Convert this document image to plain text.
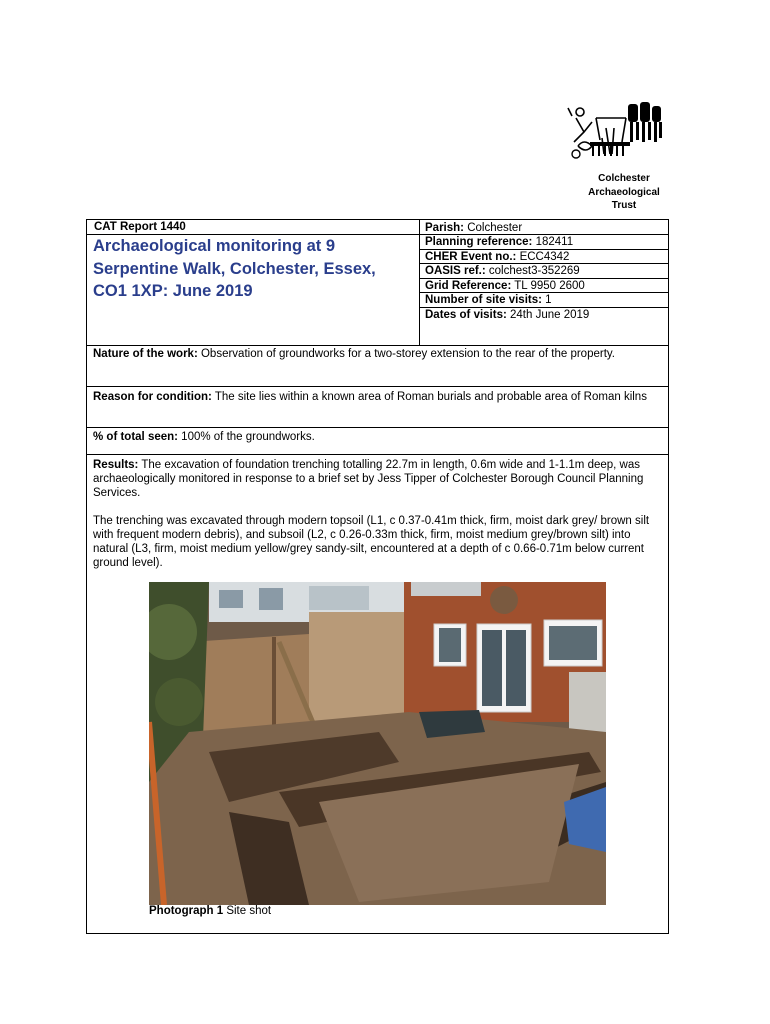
Colchester
Archaeological
Trust
CAT Report 1440
Archaeological monitoring at 9
Serpentine Walk, Colchester, Essex,
CO1 1XP: June 2019
Parish: Colchester
Planning reference: 182411
CHER Event no.: ECC4342
OASIS ref.: colchest3-352269
Grid Reference: TL 9950 2600
Number of site visits: 1
Dates of visits: 24th June 2019
Nature of the work: Observation of groundworks for a two-storey extension to the rear of the property.
Reason for condition: The site lies within a known area of Roman burials and probable area of Roman kilns
% of total seen: 100% of the groundworks.
Results: The excavation of foundation trenching totalling 22.7m in length, 0.6m wide and 1-1.1m deep, was archaeologically monitored in response to a brief set by Jess Tipper of Colchester Borough Council Planning Services.
The trenching was excavated through modern topsoil (L1, c 0.37-0.41m thick, firm, moist dark grey/ brown silt with frequent modern debris), and subsoil (L2, c 0.26-0.33m thick, firm, moist medium grey/brown silt) into natural (L3, firm, moist medium yellow/grey sandy-silt, encountered at a depth of c 0.66-0.71m below current ground level).
Photograph 1 Site shot
